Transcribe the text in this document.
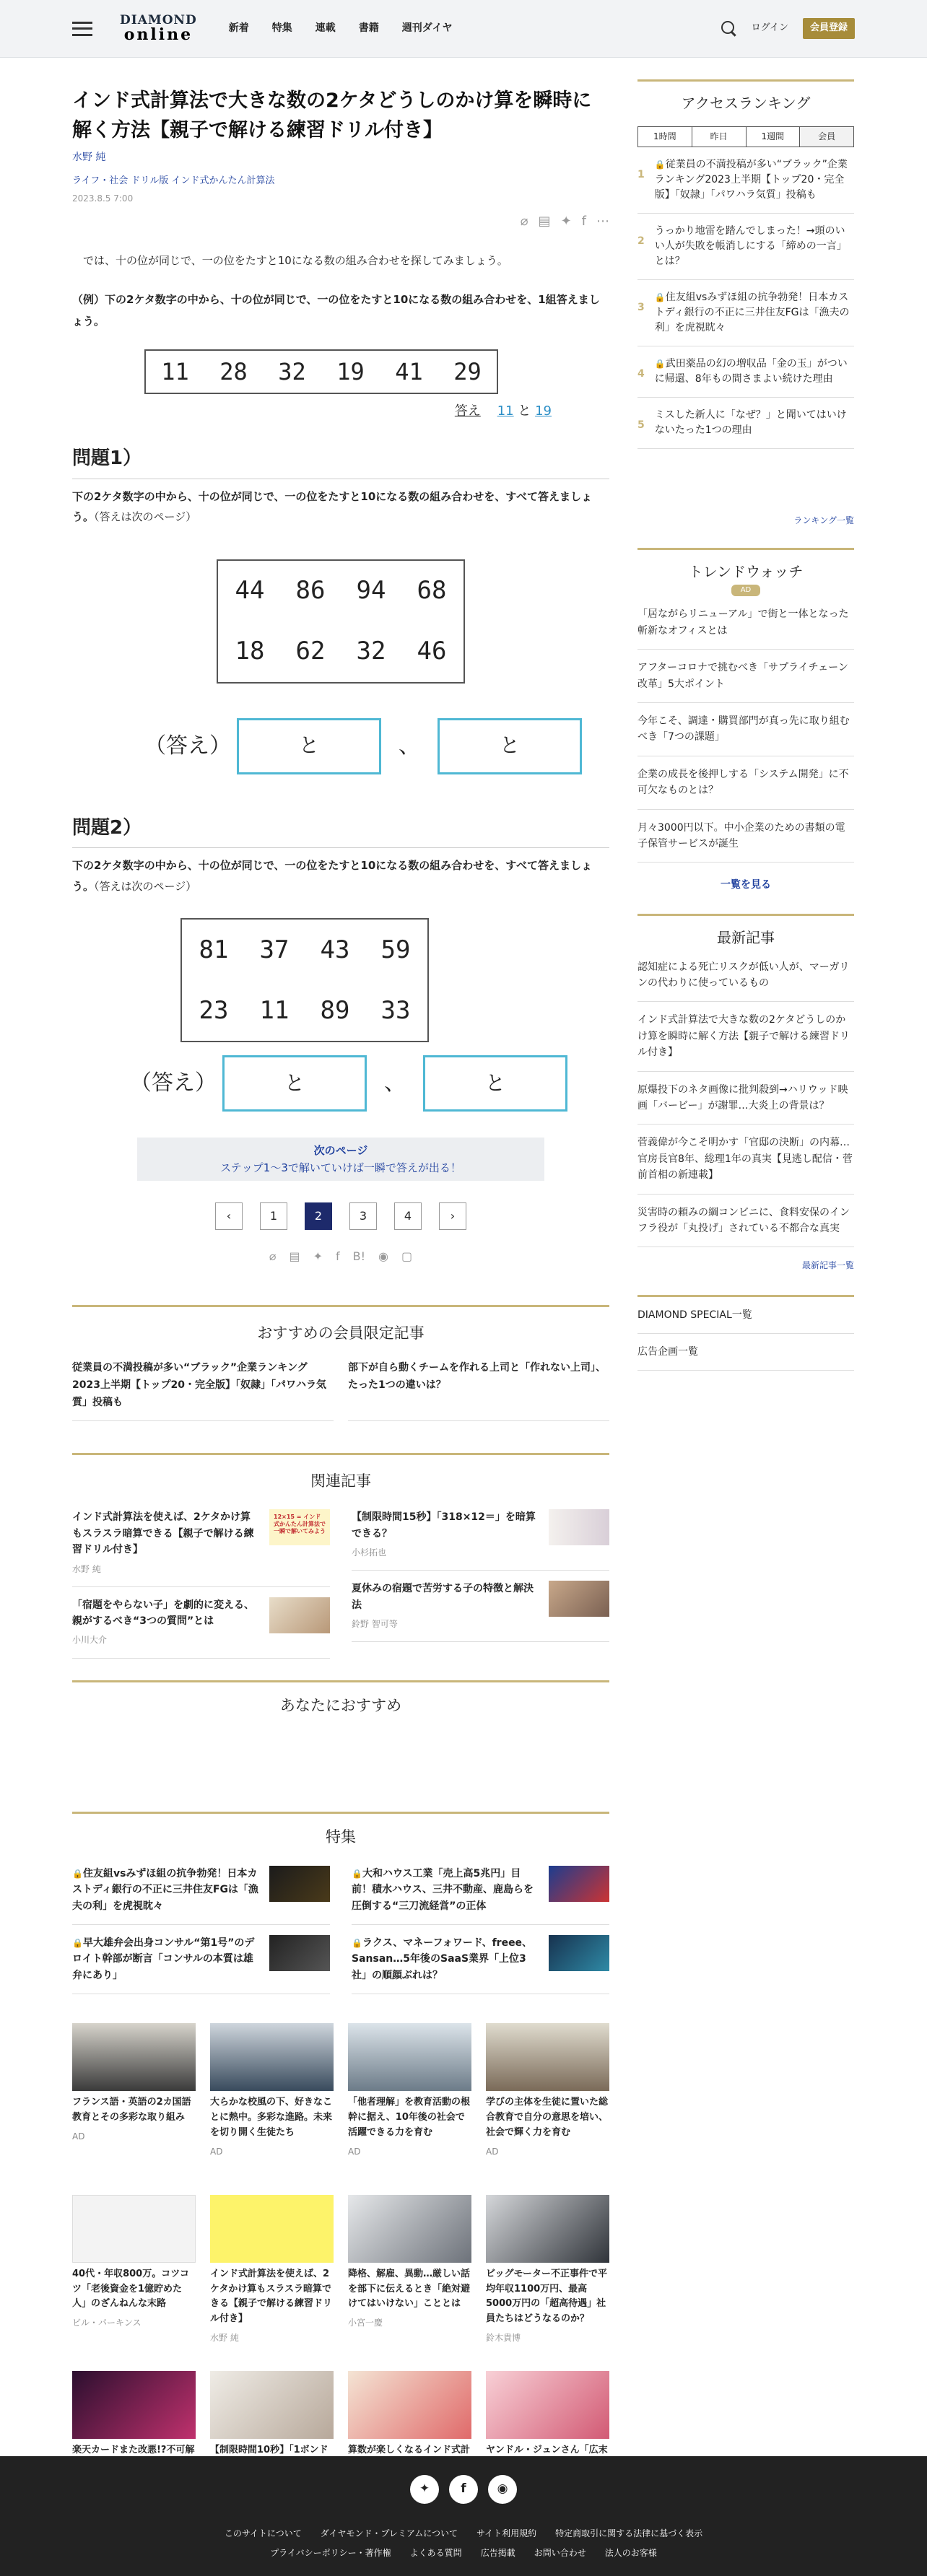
DIAMOND
online	新着 特集 連載 書籍 週刊ダイヤ	ログイン	会員登録
インド式計算法で大きな数の2ケタどうしのかけ算を瞬時に解く方法【親子で解ける練習ドリル付き】
水野 純
ライフ・社会 ドリル版 インド式かんたん計算法
2023.8.5 7:00
⌀ ▤ ✦ f ⋯

では、十の位が同じで、一の位をたすと10になる数の組み合わせを探してみましょう。

（例）下の2ケタ数字の中から、十の位が同じで、一の位をたすと10になる数の組み合わせを、1組答えましょう。

11 28 32 19 41 29
答え 11 と 19
問題1）
下の2ケタ数字の中から、十の位が同じで、一の位をたすと10になる数の組み合わせを、すべて答えましょう。（答えは次のページ）
44	86	94	68
18	62	32	46
（答え）	と	、	と
問題2）
下の2ケタ数字の中から、十の位が同じで、一の位をたすと10になる数の組み合わせを、すべて答えましょう。（答えは次のページ）
81	37	43	59
23	11	89	33
（答え）	と	、	と
次のページ
ステップ1〜3で解いていけば一瞬で答えが出る！
‹	1	2	3	4	›
⌀ ▤ ✦ f B! ◉ ▢
おすすめの会員限定記事
従業員の不満投稿が多い“ブラック”企業ランキング2023上半期【トップ20・完全版】「奴隷」「パワハラ気質」投稿も
部下が自ら動くチームを作れる上司と「作れない上司」、たった1つの違いは？
関連記事
インド式計算法を使えば、2ケタかけ算もスラスラ暗算できる【親子で解ける練習ドリル付き】
水野 純
12×15 = インド式かんたん計算法で一瞬で解いてみよう
「宿題をやらない子」を劇的に変える、親がするべき“3つの質問”とは
小川大介
【制限時間15秒】「318×12＝」を暗算できる？
小杉拓也
夏休みの宿題で苦労する子の特徴と解決法
鈴野 智可等
あなたにおすすめ
特集
🔒住友組vsみずほ組の抗争勃発！日本カストディ銀行の不正に三井住友FGは「漁夫の利」を虎視眈々
🔒早大雄弁会出身コンサル“第1号”のデロイト幹部が断言「コンサルの本質は雄弁にあり」
🔒大和ハウス工業「売上高5兆円」目前！積水ハウス、三井不動産、鹿島らを圧倒する“三刀流経営”の正体
🔒ラクス、マネーフォワード、freee、Sansan…5年後のSaaS業界「上位3社」の順顔ぶれは？
フランス語・英語の2カ国語教育とその多彩な取り組み
AD
大らかな校風の下、好きなことに熱中。多彩な進路。未来を切り開く生徒たち
AD
「他者理解」を教育活動の根幹に据え、10年後の社会で活躍できる力を育む
AD
学びの主体を生徒に置いた総合教育で自分の意思を培い、社会で輝く力を育む
AD
40代・年収800万。コツコツ「老後資金を1億貯めた人」のざんねんな末路
ビル・パーキンス
インド式計算法を使えば、2ケタかけ算もスラスラ暗算できる【親子で解ける練習ドリル付き】
水野 純
降格、解雇、異動…厳しい話を部下に伝えるとき「絶対避けてはいけない」こととは
小宮一慶
ビッグモーター不正事件で平均年収1100万円、最高5000万円の「超高待遇」社員たちはどうなるのか？
鈴木貴博
楽天カードまた改悪!?不可解 【制限時間10秒】「1ボンド	算数が楽しくなるインド式計 ヤンドル・ジュンさん「広末
アクセスランキング
1時間	昨日	1週間	会員
1
🔒従業員の不満投稿が多い“ブラック”企業ランキング2023上半期【トップ20・完全版】「奴隷」「パワハラ気質」投稿も
2
うっかり地雷を踏んでしまった！→頭のいい人が失敗を帳消しにする「締めの一言」とは？
3
🔒住友組vsみずほ組の抗争勃発！日本カストディ銀行の不正に三井住友FGは「漁夫の利」を虎視眈々
4
🔒武田薬品の幻の増収品「金の玉」がついに帰還、8年もの間さまよい続けた理由
5
ミスした新人に「なぜ？」と聞いてはいけないたった1つの理由
ランキング一覧
トレンドウォッチ
AD
「居ながらリニューアル」で街と一体となった斬新なオフィスとは
アフターコロナで挑むべき「サプライチェーン改革」5大ポイント
今年こそ、調達・購買部門が真っ先に取り組むべき「7つの課題」
企業の成長を後押しする「システム開発」に不可欠なものとは？
月々3000円以下。中小企業のための書類の電子保管サービスが誕生
一覧を見る
最新記事
認知症による死亡リスクが低い人が、マーガリンの代わりに使っているもの
インド式計算法で大きな数の2ケタどうしのかけ算を瞬時に解く方法【親子で解ける練習ドリル付き】
原爆投下のネタ画像に批判殺到→ハリウッド映画「バービー」が謝罪…大炎上の背景は？
菅義偉が今こそ明かす「官邸の決断」の内幕…官房長官8年、総理1年の真実【見逃し配信・菅前首相の新連載】
災害時の頼みの綱コンビニに、食料安保のインフラ役が「丸投げ」されている不都合な真実
最新記事一覧
DIAMOND SPECIAL一覧
広告企画一覧
✦	f	◉
このサイトについて ダイヤモンド・プレミアムについて サイト利用規約 特定商取引に関する法律に基づく表示
プライバシーポリシー・著作権 よくある質問 広告掲載 お問い合わせ 法人のお客様
